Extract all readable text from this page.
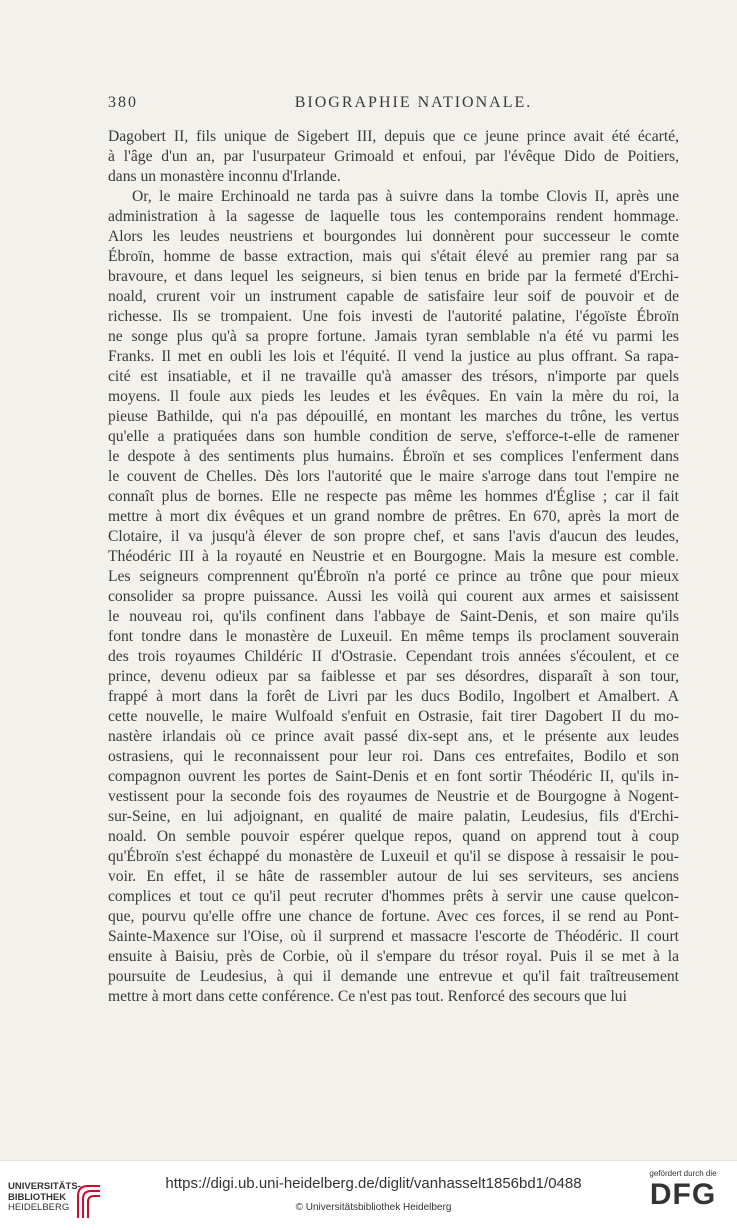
380	BIOGRAPHIE NATIONALE.

Dagobert II, fils unique de Sigebert III, depuis que ce jeune prince avait été écarté,
à l'âge d'un an, par l'usurpateur Grimoald et enfoui, par l'évêque Dido de Poitiers,
dans un monastère inconnu d'Irlande.

Or, le maire Erchinoald ne tarda pas à suivre dans la tombe Clovis II, après une
administration à la sagesse de laquelle tous les contemporains rendent hommage.
Alors les leudes neustriens et bourgondes lui donnèrent pour successeur le comte
Ébroïn, homme de basse extraction, mais qui s'était élevé au premier rang par sa
bravoure, et dans lequel les seigneurs, si bien tenus en bride par la fermeté d'Erchi-
noald, crurent voir un instrument capable de satisfaire leur soif de pouvoir et de
richesse. Ils se trompaient. Une fois investi de l'autorité palatine, l'égoïste Ébroïn
ne songe plus qu'à sa propre fortune. Jamais tyran semblable n'a été vu parmi les
Franks. Il met en oubli les lois et l'équité. Il vend la justice au plus offrant. Sa rapa-
cité est insatiable, et il ne travaille qu'à amasser des trésors, n'importe par quels
moyens. Il foule aux pieds les leudes et les évêques. En vain la mère du roi, la
pieuse Bathilde, qui n'a pas dépouillé, en montant les marches du trône, les vertus
qu'elle a pratiquées dans son humble condition de serve, s'efforce-t-elle de ramener
le despote à des sentiments plus humains. Ébroïn et ses complices l'enferment dans
le couvent de Chelles. Dès lors l'autorité que le maire s'arroge dans tout l'empire ne
connaît plus de bornes. Elle ne respecte pas même les hommes d'Église ; car il fait
mettre à mort dix évêques et un grand nombre de prêtres. En 670, après la mort de
Clotaire, il va jusqu'à élever de son propre chef, et sans l'avis d'aucun des leudes,
Théodéric III à la royauté en Neustrie et en Bourgogne. Mais la mesure est comble.
Les seigneurs comprennent qu'Ébroïn n'a porté ce prince au trône que pour mieux
consolider sa propre puissance. Aussi les voilà qui courent aux armes et saisissent
le nouveau roi, qu'ils confinent dans l'abbaye de Saint-Denis, et son maire qu'ils
font tondre dans le monastère de Luxeuil. En même temps ils proclament souverain
des trois royaumes Childéric II d'Ostrasie. Cependant trois années s'écoulent, et ce
prince, devenu odieux par sa faiblesse et par ses désordres, disparaît à son tour,
frappé à mort dans la forêt de Livri par les ducs Bodilo, Ingolbert et Amalbert. A
cette nouvelle, le maire Wulfoald s'enfuit en Ostrasie, fait tirer Dagobert II du mo-
nastère irlandais où ce prince avait passé dix-sept ans, et le présente aux leudes
ostrasiens, qui le reconnaissent pour leur roi. Dans ces entrefaites, Bodilo et son
compagnon ouvrent les portes de Saint-Denis et en font sortir Théodéric II, qu'ils in-
vestissent pour la seconde fois des royaumes de Neustrie et de Bourgogne à Nogent-
sur-Seine, en lui adjoignant, en qualité de maire palatin, Leudesius, fils d'Erchi-
noald. On semble pouvoir espérer quelque repos, quand on apprend tout à coup
qu'Ébroïn s'est échappé du monastère de Luxeuil et qu'il se dispose à ressaisir le pou-
voir. En effet, il se hâte de rassembler autour de lui ses serviteurs, ses anciens
complices et tout ce qu'il peut recruter d'hommes prêts à servir une cause quelcon-
que, pourvu qu'elle offre une chance de fortune. Avec ces forces, il se rend au Pont-
Sainte-Maxence sur l'Oise, où il surprend et massacre l'escorte de Théodéric. Il court
ensuite à Baisiu, près de Corbie, où il s'empare du trésor royal. Puis il se met à la
poursuite de Leudesius, à qui il demande une entrevue et qu'il fait traîtreusement
mettre à mort dans cette conférence. Ce n'est pas tout. Renforcé des secours que lui

UNIVERSITÄTS-
BIBLIOTHEK
HEIDELBERG
https://digi.ub.uni-heidelberg.de/diglit/vanhasselt1856bd1/0488
© Universitätsbibliothek Heidelberg
gefördert durch die
DFG
